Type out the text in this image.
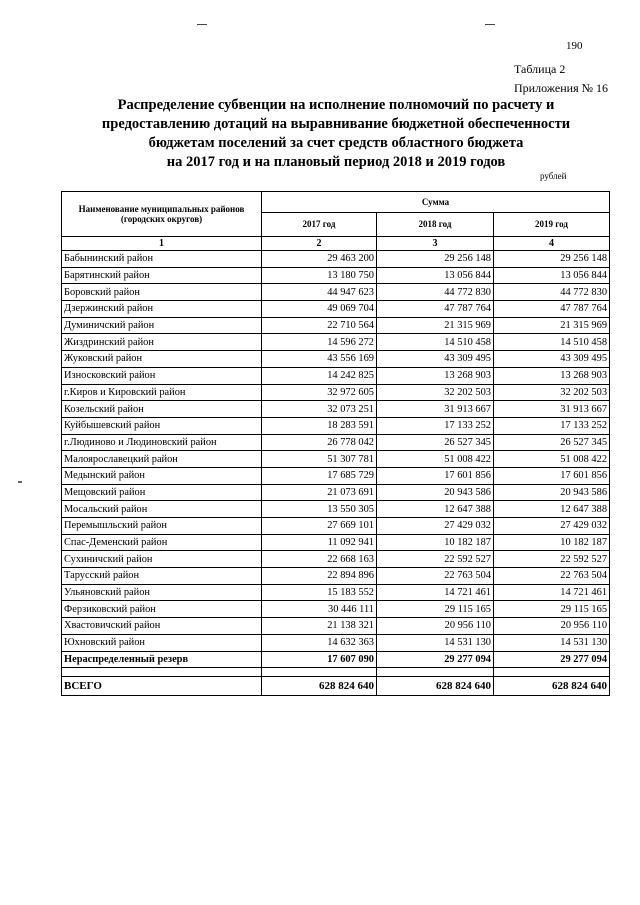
190
Таблица 2
Приложения № 16
Распределение субвенции на исполнение полномочий по расчету и
предоставлению дотаций на выравнивание бюджетной обеспеченности
бюджетам поселений за счет средств областного бюджета
на 2017 год и на плановый период 2018 и 2019 годов
рублей
Наименование муниципальных районов (городских округов)	Сумма		
	2017 год	2018 год	2019 год
1	2	3	4
Бабынинский район	29 463 200	29 256 148	29 256 148
Барятинский район	13 180 750	13 056 844	13 056 844
Боровский район	44 947 623	44 772 830	44 772 830
Дзержинский район	49 069 704	47 787 764	47 787 764
Думиничский район	22 710 564	21 315 969	21 315 969
Жиздринский район	14 596 272	14 510 458	14 510 458
Жуковский район	43 556 169	43 309 495	43 309 495
Износковский район	14 242 825	13 268 903	13 268 903
г.Киров и Кировский район	32 972 605	32 202 503	32 202 503
Козельский район	32 073 251	31 913 667	31 913 667
Куйбышевский район	18 283 591	17 133 252	17 133 252
г.Людиново и Людиновский район	26 778 042	26 527 345	26 527 345
Малоярославецкий район	51 307 781	51 008 422	51 008 422
Медынский район	17 685 729	17 601 856	17 601 856
Мещовский район	21 073 691	20 943 586	20 943 586
Мосальский район	13 550 305	12 647 388	12 647 388
Перемышльский район	27 669 101	27 429 032	27 429 032
Спас-Деменский район	11 092 941	10 182 187	10 182 187
Сухиничский район	22 668 163	22 592 527	22 592 527
Тарусский район	22 894 896	22 763 504	22 763 504
Ульяновский район	15 183 552	14 721 461	14 721 461
Ферзиковский район	30 446 111	29 115 165	29 115 165
Хвастовичский район	21 138 321	20 956 110	20 956 110
Юхновский район	14 632 363	14 531 130	14 531 130
Нераспределенный резерв	17 607 090	29 277 094	29 277 094

ВСЕГО	628 824 640	628 824 640	628 824 640
